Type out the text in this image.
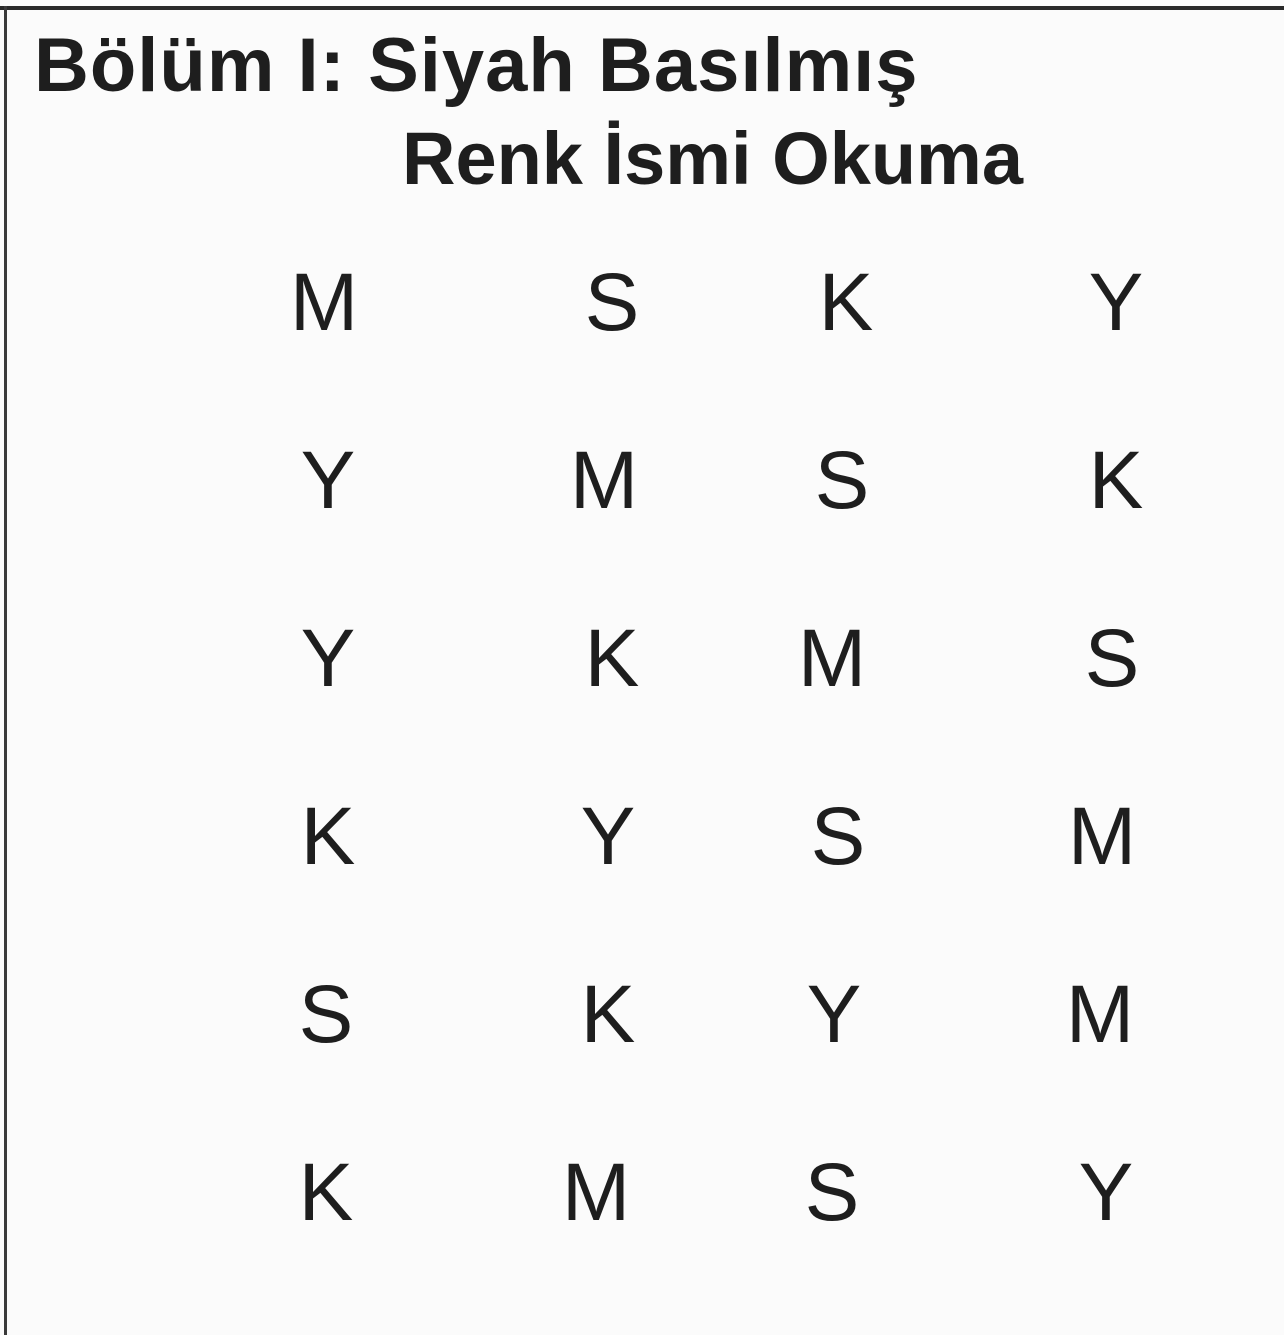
Bölüm I: Siyah Basılmış
Renk İsmi Okuma
M	S K	Y
Y	M S	K
Y	K M	S
K	Y S M
S	K Y M
K	M S	Y
